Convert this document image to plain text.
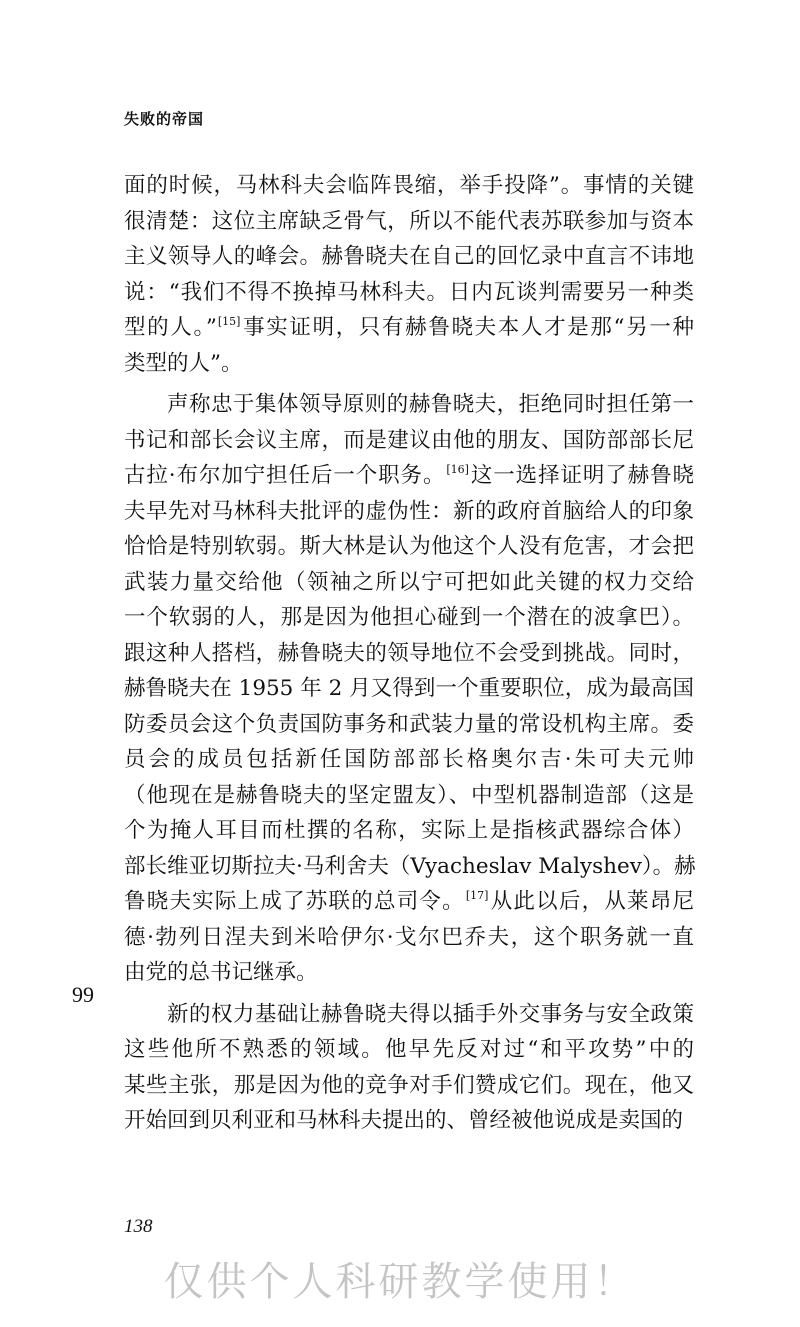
失败的帝国
面的时候，马林科夫会临阵畏缩，举手投降”。事情的关键
很清楚：这位主席缺乏骨气，所以不能代表苏联参加与资本
主义领导人的峰会。赫鲁晓夫在自己的回忆录中直言不讳地
说：“我们不得不换掉马林科夫。日内瓦谈判需要另一种类
型的人。”[15]事实证明，只有赫鲁晓夫本人才是那“另一种
类型的人”。
声称忠于集体领导原则的赫鲁晓夫，拒绝同时担任第一
书记和部长会议主席，而是建议由他的朋友、国防部部长尼
古拉·布尔加宁担任后一个职务。[16]这一选择证明了赫鲁晓
夫早先对马林科夫批评的虚伪性：新的政府首脑给人的印象
恰恰是特别软弱。斯大林是认为他这个人没有危害，才会把
武装力量交给他（领袖之所以宁可把如此关键的权力交给
一个软弱的人，那是因为他担心碰到一个潜在的波拿巴）。
跟这种人搭档，赫鲁晓夫的领导地位不会受到挑战。同时，
赫鲁晓夫在 1955 年 2 月又得到一个重要职位，成为最高国
防委员会这个负责国防事务和武装力量的常设机构主席。委
员会的成员包括新任国防部部长格奥尔吉·朱可夫元帅
（他现在是赫鲁晓夫的坚定盟友）、中型机器制造部（这是
个为掩人耳目而杜撰的名称，实际上是指核武器综合体）
部长维亚切斯拉夫·马利舍夫（Vyacheslav Malyshev）。赫
鲁晓夫实际上成了苏联的总司令。[17]从此以后，从莱昂尼
德·勃列日涅夫到米哈伊尔·戈尔巴乔夫，这个职务就一直
由党的总书记继承。
新的权力基础让赫鲁晓夫得以插手外交事务与安全政策
这些他所不熟悉的领域。他早先反对过“和平攻势”中的
某些主张，那是因为他的竞争对手们赞成它们。现在，他又
开始回到贝利亚和马林科夫提出的、曾经被他说成是卖国的
99
138
仅供个人科研教学使用！
